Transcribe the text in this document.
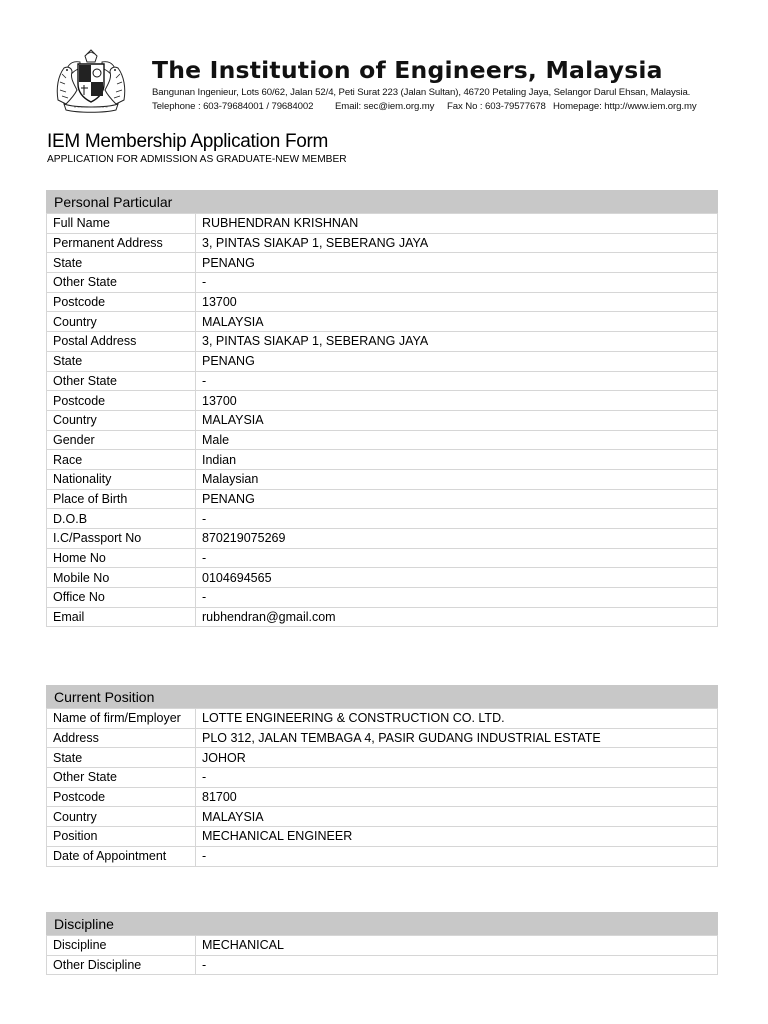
The Institution of Engineers, Malaysia
Bangunan Ingenieur, Lots 60/62, Jalan 52/4, Peti Surat 223 (Jalan Sultan), 46720 Petaling Jaya, Selangor Darul Ehsan, Malaysia.
Telephone : 603-79684001 / 79684002 Email: sec@iem.org.my Fax No : 603-79577678 Homepage: http://www.iem.org.my
IEM Membership Application Form
APPLICATION FOR ADMISSION AS GRADUATE-NEW MEMBER
Personal Particular
Full Name	RUBHENDRAN KRISHNAN
Permanent Address	3, PINTAS SIAKAP 1, SEBERANG JAYA
State	PENANG
Other State	-
Postcode	13700
Country	MALAYSIA
Postal Address	3, PINTAS SIAKAP 1, SEBERANG JAYA
State	PENANG
Other State	-
Postcode	13700
Country	MALAYSIA
Gender	Male
Race	Indian
Nationality	Malaysian
Place of Birth	PENANG
D.O.B	-
I.C/Passport No	870219075269
Home No	-
Mobile No	0104694565
Office No	-
Email	rubhendran@gmail.com
Current Position
Name of firm/Employer	LOTTE ENGINEERING & CONSTRUCTION CO. LTD.
Address	PLO 312, JALAN TEMBAGA 4, PASIR GUDANG INDUSTRIAL ESTATE
State	JOHOR
Other State	-
Postcode	81700
Country	MALAYSIA
Position	MECHANICAL ENGINEER
Date of Appointment	-
Discipline
Discipline	MECHANICAL
Other Discipline	-
